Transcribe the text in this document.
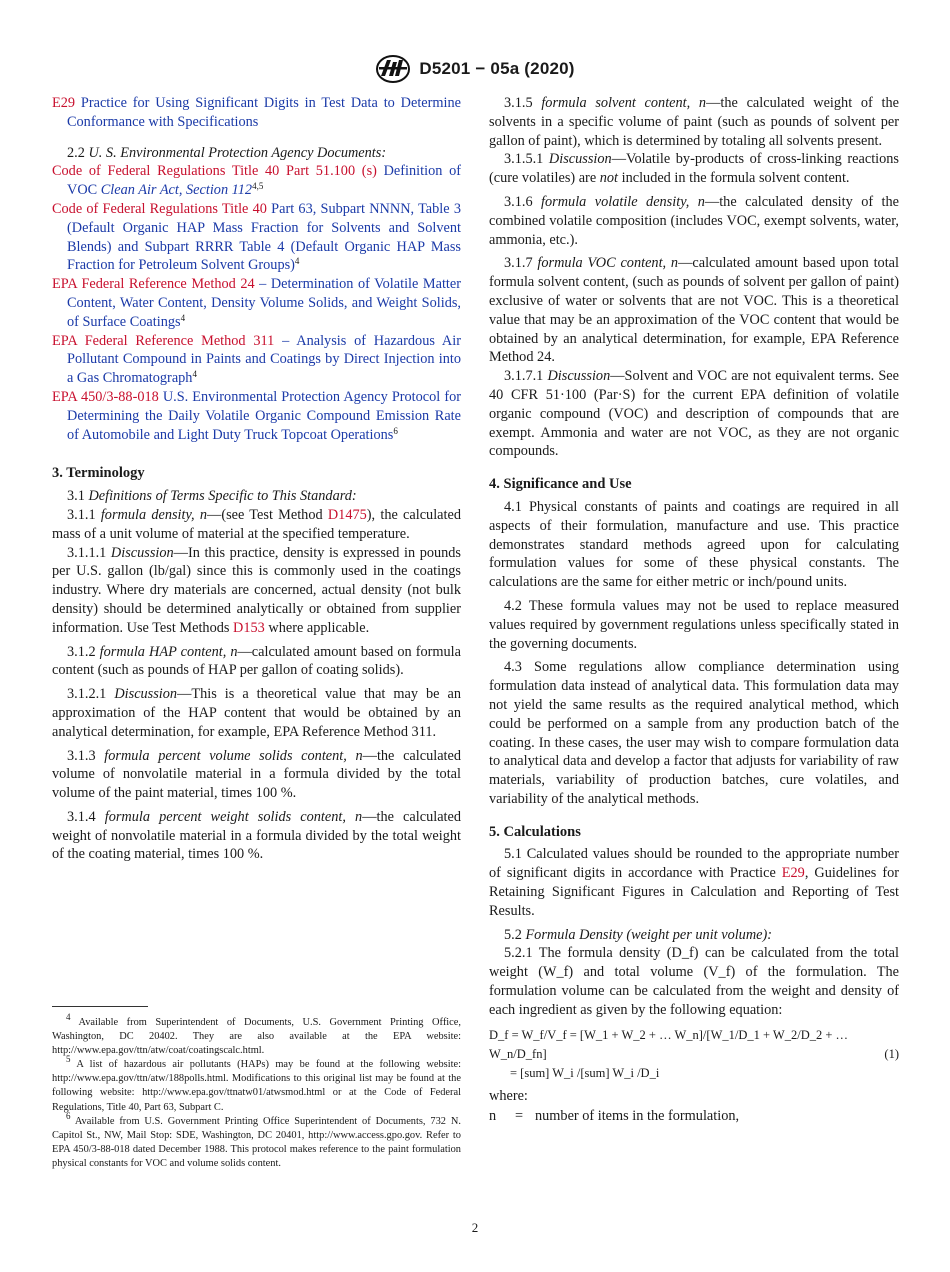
D5201 − 05a (2020)

E29 Practice for Using Significant Digits in Test Data to Determine Conformance with Specifications

2.2 U. S. Environmental Protection Agency Documents:

Code of Federal Regulations Title 40 Part 51.100 (s) Definition of VOC Clean Air Act, Section 112$^{4,5}$

Code of Federal Regulations Title 40 Part 63, Subpart NNNN, Table 3 (Default Organic HAP Mass Fraction for Solvents and Solvent Blends) and Subpart RRRR Table 4 (Default Organic HAP Mass Fraction for Petroleum Solvent Groups)$^4$

EPA Federal Reference Method 24 – Determination of Volatile Matter Content, Water Content, Density Volume Solids, and Weight Solids, of Surface Coatings$^4$

EPA Federal Reference Method 311 – Analysis of Hazardous Air Pollutant Compound in Paints and Coatings by Direct Injection into a Gas Chromatograph$^4$

EPA 450/3-88-018 U.S. Environmental Protection Agency Protocol for Determining the Daily Volatile Organic Compound Emission Rate of Automobile and Light Duty Truck Topcoat Operations$^6$

3. Terminology

3.1 Definitions of Terms Specific to This Standard:

3.1.1 formula density, n—(see Test Method D1475), the calculated mass of a unit volume of material at the specified temperature.

3.1.1.1 Discussion—In this practice, density is expressed in pounds per U.S. gallon (lb/gal) since this is commonly used in the coatings industry. Where dry materials are concerned, actual density (not bulk density) should be determined analytically or obtained from supplier information. Use Test Methods D153 where applicable.

3.1.2 formula HAP content, n—calculated amount based on formula content (such as pounds of HAP per gallon of coating solids).

3.1.2.1 Discussion—This is a theoretical value that may be an approximation of the HAP content that would be obtained by an analytical determination, for example, EPA Reference Method 311.

3.1.3 formula percent volume solids content, n—the calculated volume of nonvolatile material in a formula divided by the total volume of the paint material, times 100 %.

3.1.4 formula percent weight solids content, n—the calculated weight of nonvolatile material in a formula divided by the total weight of the coating material, times 100 %.

$^4$ Available from Superintendent of Documents, U.S. Government Printing Office, Washington, DC 20402. They are also available at the EPA website: http://www.epa.gov/ttn/atw/coat/coatingscalc.html.

$^5$ A list of hazardous air pollutants (HAPs) may be found at the following website: http://www.epa.gov/ttn/atw/188polls.html. Modifications to this original list may be found at the following website: http://www.epa.gov/ttnatw01/atwsmod.html or at the Code of Federal Regulations, Title 40, Part 63, Subpart C.

$^6$ Available from U.S. Government Printing Office Superintendent of Documents, 732 N. Capitol St., NW, Mail Stop: SDE, Washington, DC 20401, http://www.access.gpo.gov. Refer to EPA 450/3-88-018 dated December 1988. This protocol makes reference to the paint formulation physical constants for VOC and volume solids content.

3.1.5 formula solvent content, n—the calculated weight of the solvents in a specific volume of paint (such as pounds of solvent per gallon of paint), which is determined by totaling all solvents present.

3.1.5.1 Discussion—Volatile by-products of cross-linking reactions (cure volatiles) are not included in the formula solvent content.

3.1.6 formula volatile density, n—the calculated density of the combined volatile composition (includes VOC, exempt solvents, water, ammonia, etc.).

3.1.7 formula VOC content, n—calculated amount based upon total formula solvent content, (such as pounds of solvent per gallon of paint) exclusive of water or solvents that are not VOC. This is a theoretical value that may be an approximation of the VOC content that would be obtained by an analytical determination, for example, EPA Reference Method 24.

3.1.7.1 Discussion—Solvent and VOC are not equivalent terms. See 40 CFR 51·100 (Par·S) for the current EPA definition of volatile organic compound (VOC) and description of compounds that are exempt. Ammonia and water are not VOC, as they are not organic compounds.

4. Significance and Use

4.1 Physical constants of paints and coatings are required in all aspects of their formulation, manufacture and use. This practice demonstrates standard methods agreed upon for calculating formulation values for some of these physical constants. The calculations are the same for either metric or inch/pound units.

4.2 These formula values may not be used to replace measured values required by government regulations unless specifically stated in the governing documents.

4.3 Some regulations allow compliance determination using formulation data instead of analytical data. This formulation data may not yield the same results as the required analytical method, which could be performed on a sample from any production batch of the coating. In these cases, the user may wish to compare formulation data to analytical data and develop a factor that adjusts for variability of raw materials, variability of production batches, cure volatiles, and variability of the analytical methods.

5. Calculations

5.1 Calculated values should be rounded to the appropriate number of significant digits in accordance with Practice E29, Guidelines for Retaining Significant Figures in Calculation and Reporting of Test Results.

5.2 Formula Density (weight per unit volume):

5.2.1 The formula density (D_f) can be calculated from the total weight (W_f) and total volume (V_f) of the formulation. The formulation volume can be calculated from the weight and density of each ingredient as given by the following equation:

D_f = W_f/V_f = [W_1 + W_2 + … W_n]/[W_1/D_1 + W_2/D_2 + … W_n/D_fn]
= [sum] W_i /[sum] W_i /D_i
(1)

where:

n	= number of items in the formulation,
2
